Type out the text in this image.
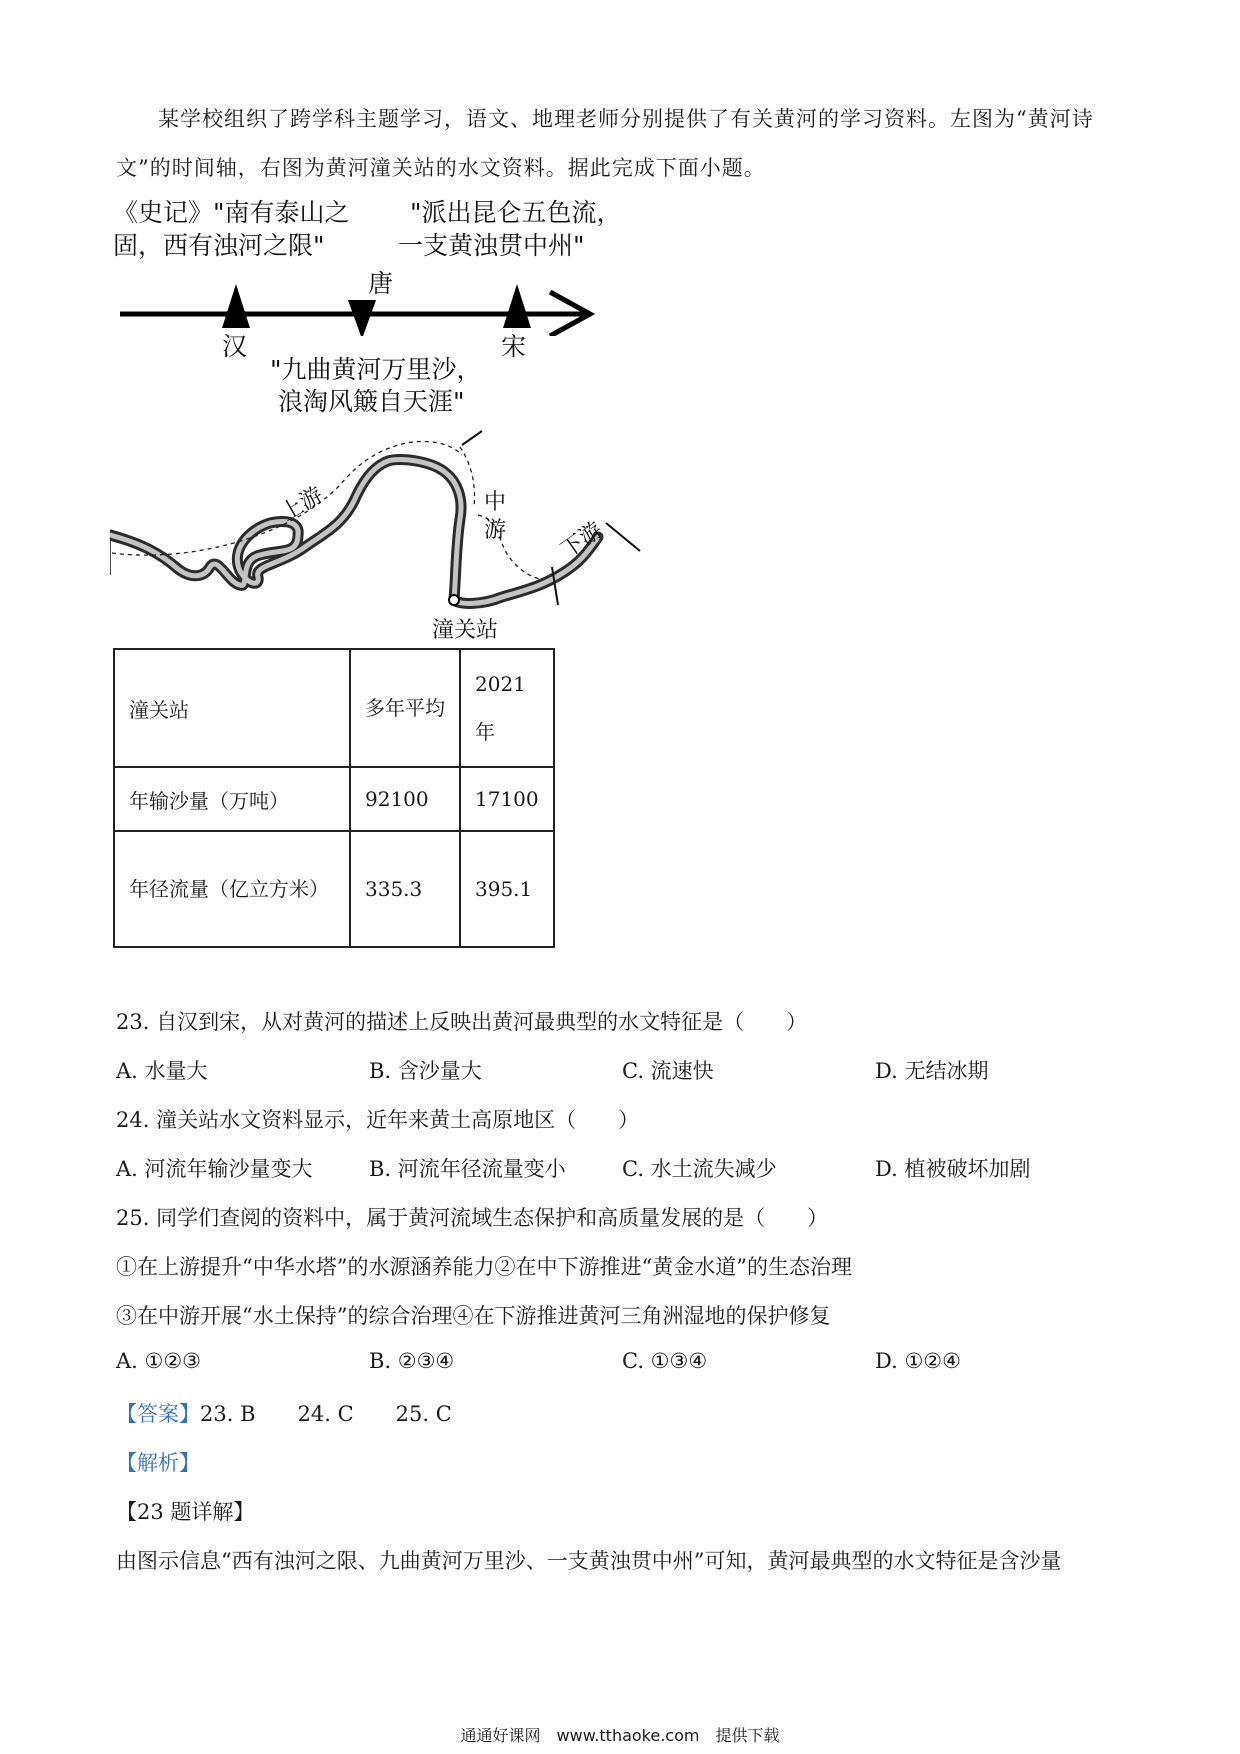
某学校组织了跨学科主题学习，语文、地理老师分别提供了有关黄河的学习资料。左图为“黄河诗文”的时间轴，右图为黄河潼关站的水文资料。据此完成下面小题。
《史记》"南有泰山之
固，西有浊河之限"
"派出昆仑五色流，
一支黄浊贯中州"
汉
唐
宋
"九曲黄河万里沙，
浪淘风簸自天涯"
上游	中
游 下游
潼关站
潼关站	多年平均	2021年
年输沙量（万吨）	92100	17100
年径流量（亿立方米）	335.3	395.1
23. 自汉到宋，从对黄河的描述上反映出黄河最典型的水文特征是（　　）
A. 水量大	B. 含沙量大	C. 流速快	D. 无结冰期
24. 潼关站水文资料显示，近年来黄土高原地区（　　）
A. 河流年输沙量变大	B. 河流年径流量变小	C. 水土流失减少	D. 植被破坏加剧
25. 同学们查阅的资料中，属于黄河流域生态保护和高质量发展的是（　　）
①在上游提升“中华水塔”的水源涵养能力②在中下游推进“黄金水道”的生态治理
③在中游开展“水土保持”的综合治理④在下游推进黄河三角洲湿地的保护修复
A. ①②③	B. ②③④	C. ①③④	D. ①②④
【答案】23. B　　24. C　　25. C
【解析】
【23 题详解】
由图示信息“西有浊河之限、九曲黄河万里沙、一支黄浊贯中州”可知，黄河最典型的水文特征是含沙量
通通好课网　www.tthaoke.com　提供下载
